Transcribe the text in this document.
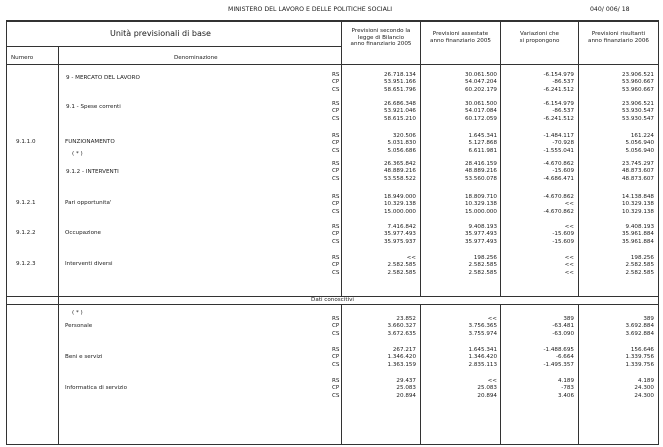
MINISTERO DEL LAVORO E DELLE POLITICHE SOCIALI	040/ 006/ 18
Unità previsionali di base
Numero	Denominazione
Previsioni secondo la
legge di Bilancio
anno finanziario 2005
Previsioni assestate
anno finanziario 2005
Variazioni che
si propongono
Previsioni risultanti
anno finanziario 2006
Dati conoscitivi
( * )
9 - MERCATO DEL LAVORO	RS	26.718.134	30.061.500	-6.154.979	23.906.521
CP	53.951.166	54.047.204	-86.537	53.960.667
CS	58.651.796	60.202.179	-6.241.512	53.960.667
9.1 - Spese correnti	RS	26.686.348	30.061.500	-6.154.979	23.906.521
CP	53.921.046	54.017.084	-86.537	53.930.547
CS	58.615.210	60.172.059	-6.241.512	53.930.547
9.1.1.0	FUNZIONAMENTO
RS	320.506	1.645.341	-1.484.117	161.224
CP	5.031.830	5.127.868	-70.928	5.056.940
CS	5.056.686	6.611.981	-1.555.041	5.056.940
( * )
9.1.2 - INTERVENTI
RS	26.365.842	28.416.159	-4.670.862	23.745.297
CP	48.889.216	48.889.216	-15.609	48.873.607
CS	53.558.522	53.560.078	-4.686.471	48.873.607
9.1.2.1	Pari opportunita'
RS	18.949.000	18.809.710	-4.670.862	14.138.848
CP	10.329.138	10.329.138	<<	10.329.138
CS	15.000.000	15.000.000	-4.670.862	10.329.138
9.1.2.2	Occupazione
RS	7.416.842	9.408.193	<<	9.408.193
CP	35.977.493	35.977.493	-15.609	35.961.884
CS	35.975.937	35.977.493	-15.609	35.961.884
9.1.2.3	Interventi diversi
RS	<<	198.256	<<	198.256
CP	2.582.585	2.582.585	<<	2.582.585
CS	2.582.585	2.582.585	<<	2.582.585
Personale
RS	23.852	<<	389	389
CP	3.660.327	3.756.365	-63.481	3.692.884
CS	3.672.635	3.755.974	-63.090	3.692.884
Beni e servizi
RS	267.217	1.645.341	-1.488.695	156.646
CP	1.346.420	1.346.420	-6.664	1.339.756
CS	1.363.159	2.835.113	-1.495.357	1.339.756
Informatica di servizio
RS	29.437	<<	4.189	4.189
CP	25.083	25.083	-783	24.300
CS	20.894	20.894	3.406	24.300
